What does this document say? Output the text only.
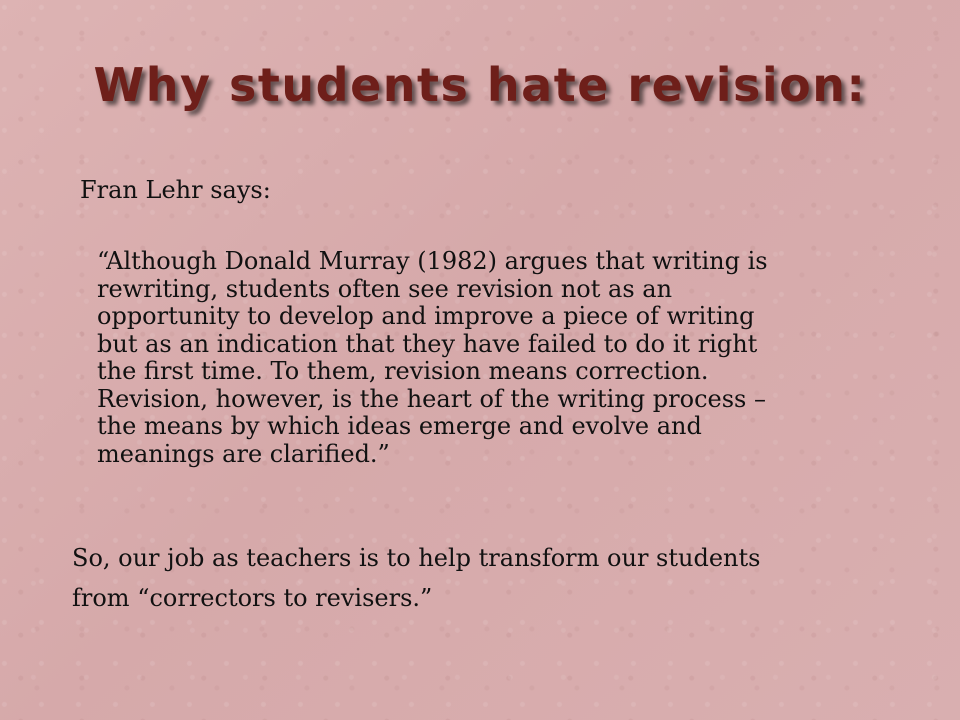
Why students hate revision:
Fran Lehr says:
“Although Donald Murray (1982) argues that writing is
rewriting, students often see revision not as an
opportunity to develop and improve a piece of writing
but as an indication that they have failed to do it right
the first time. To them, revision means correction.
Revision, however, is the heart of the writing process –
the means by which ideas emerge and evolve and
meanings are clarified.”
So, our job as teachers is to help transform our students
from “correctors to revisers.”
